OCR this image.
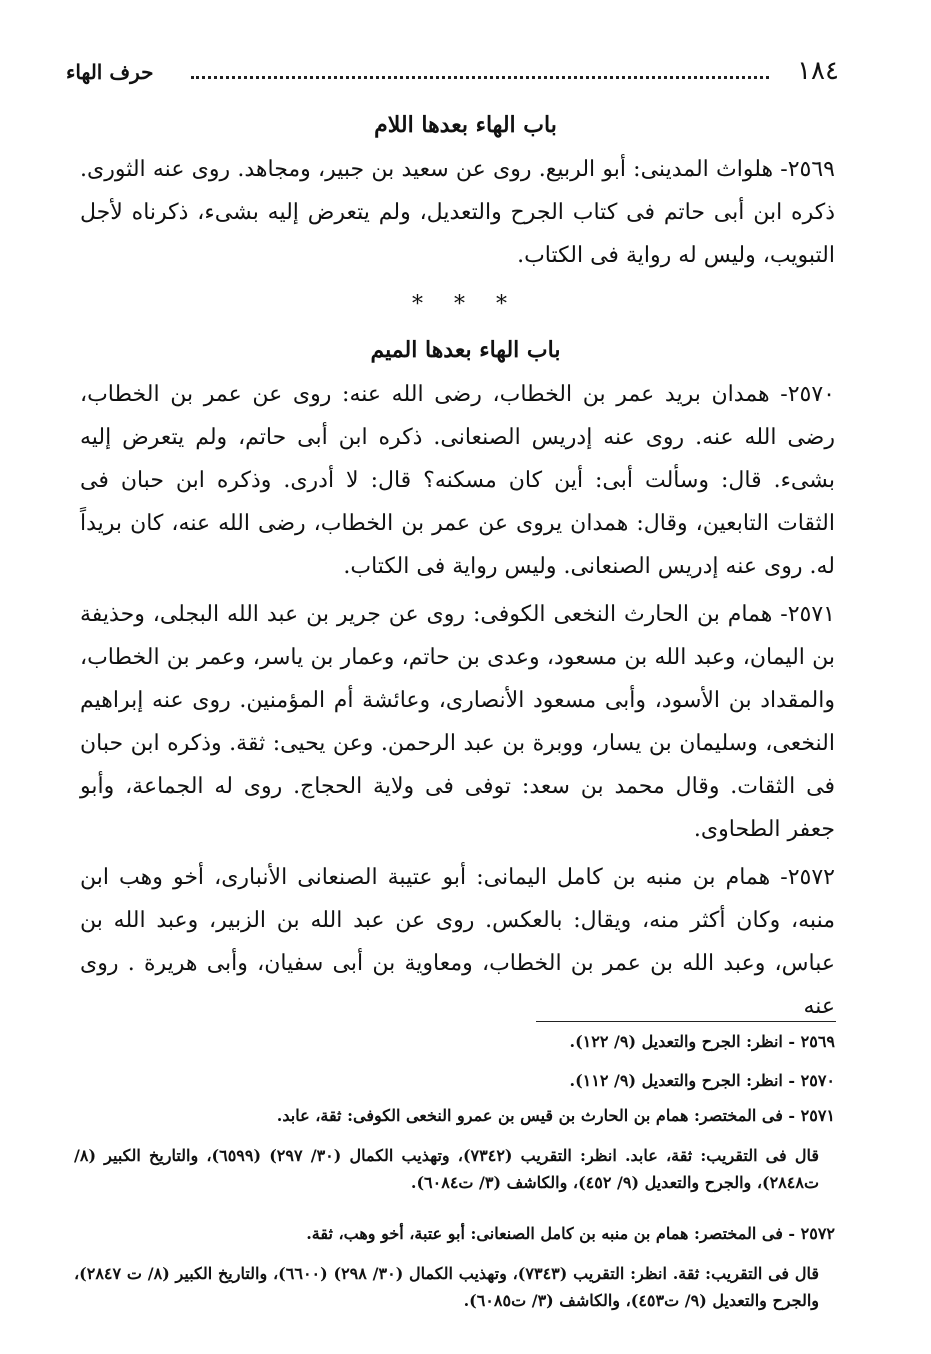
١٨٤
حرف الهاء
باب الهاء بعدها اللام
٢٥٦٩- هلواث المدينى: أبو الربيع. روى عن سعيد بن جبير، ومجاهد. روى عنه الثورى. ذكره ابن أبى حاتم فى كتاب الجرح والتعديل، ولم يتعرض إليه بشىء، ذكرناه لأجل التبويب، وليس له رواية فى الكتاب.
* * *
باب الهاء بعدها الميم
٢٥٧٠- همدان بريد عمر بن الخطاب، رضى الله عنه: روى عن عمر بن الخطاب، رضى الله عنه. روى عنه إدريس الصنعانى. ذكره ابن أبى حاتم، ولم يتعرض إليه بشىء. قال: وسألت أبى: أين كان مسكنه؟ قال: لا أدرى. وذكره ابن حبان فى الثقات التابعين، وقال: همدان يروى عن عمر بن الخطاب، رضى الله عنه، كان بريداً له. روى عنه إدريس الصنعانى. وليس رواية فى الكتاب.
٢٥٧١- همام بن الحارث النخعى الكوفى: روى عن جرير بن عبد الله البجلى، وحذيفة بن اليمان، وعبد الله بن مسعود، وعدى بن حاتم، وعمار بن ياسر، وعمر بن الخطاب، والمقداد بن الأسود، وأبى مسعود الأنصارى، وعائشة أم المؤمنين. روى عنه إبراهيم النخعى، وسليمان بن يسار، ووبرة بن عبد الرحمن. وعن يحيى: ثقة. وذكره ابن حبان فى الثقات. وقال محمد بن سعد: توفى فى ولاية الحجاج. روى له الجماعة، وأبو جعفر الطحاوى.
٢٥٧٢- همام بن منبه بن كامل اليمانى: أبو عتيبة الصنعانى الأنبارى، أخو وهب ابن منبه، وكان أكثر منه، ويقال: بالعكس. روى عن عبد الله بن الزبير، وعبد الله بن عباس، وعبد الله بن عمر بن الخطاب، ومعاوية بن أبى سفيان، وأبى هريرة . روى عنه
٢٥٦٩ - انظر: الجرح والتعديل (٩/ ١٢٢).
٢٥٧٠ - انظر: الجرح والتعديل (٩/ ١١٢).
٢٥٧١ - فى المختصر: همام بن الحارث بن قيس بن عمرو النخعى الكوفى: ثقة، عابد.
قال فى التقريب: ثقة، عابد. انظر: التقريب (٧٣٤٢)، وتهذيب الكمال (٣٠/ ٢٩٧) (٦٥٩٩)، والتاريخ الكبير (٨/ ت٢٨٤٨)، والجرح والتعديل (٩/ ٤٥٢)، والكاشف (٣/ ت٦٠٨٤).
٢٥٧٢ - فى المختصر: همام بن منبه بن كامل الصنعانى: أبو عتبة، أخو وهب، ثقة.
قال فى التقريب: ثقة. انظر: التقريب (٧٣٤٣)، وتهذيب الكمال (٣٠/ ٢٩٨) (٦٦٠٠)، والتاريخ الكبير (٨/ ت ٢٨٤٧)، والجرح والتعديل (٩/ ت٤٥٣)، والكاشف (٣/ ت٦٠٨٥).
